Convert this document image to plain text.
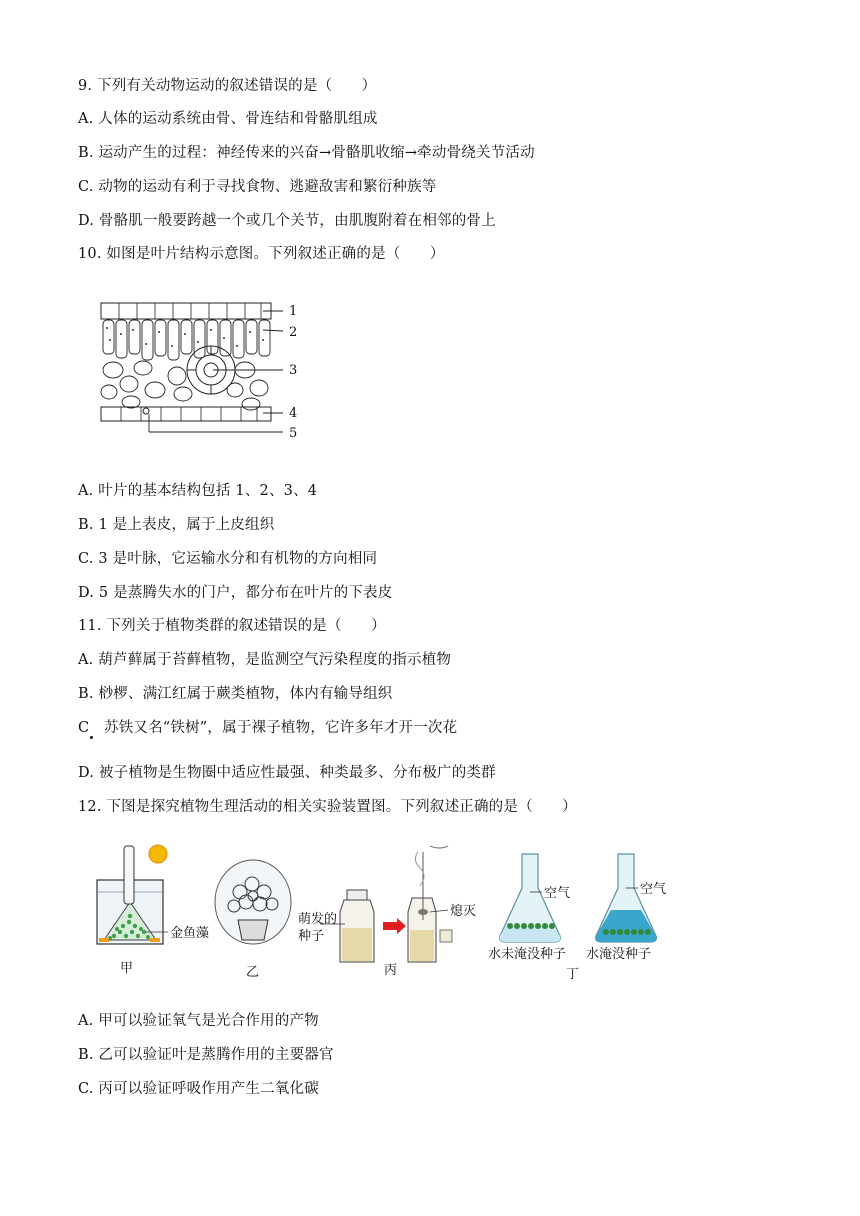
9. 下列有关动物运动的叙述错误的是（　　）
A. 人体的运动系统由骨、骨连结和骨骼肌组成
B. 运动产生的过程：神经传来的兴奋→骨骼肌收缩→牵动骨绕关节活动
C. 动物的运动有利于寻找食物、逃避敌害和繁衍种族等
D. 骨骼肌一般要跨越一个或几个关节，由肌腹附着在相邻的骨上
10. 如图是叶片结构示意图。下列叙述正确的是（　　）
1
2
3
4
5
A. 叶片的基本结构包括 1、2、3、4
B. 1 是上表皮，属于上皮组织
C. 3 是叶脉，它运输水分和有机物的方向相同
D. 5 是蒸腾失水的门户，都分布在叶片的下表皮
11. 下列关于植物类群的叙述错误的是（　　）
A. 葫芦藓属于苔藓植物，是监测空气污染程度的指示植物
B. 桫椤、满江红属于蕨类植物，体内有输导组织
C　苏铁又名“铁树”，属于裸子植物，它许多年才开一次花
D. 被子植物是生物圈中适应性最强、种类最多、分布极广的类群
12. 下图是探究植物生理活动的相关实验装置图。下列叙述正确的是（　　）
金鱼藻
甲	乙
萌发的
种子
熄灭
丙
空气
水未淹没种子
空气
水淹没种子
丁
A. 甲可以验证氧气是光合作用的产物
B. 乙可以验证叶是蒸腾作用的主要器官
C. 丙可以验证呼吸作用产生二氧化碳
